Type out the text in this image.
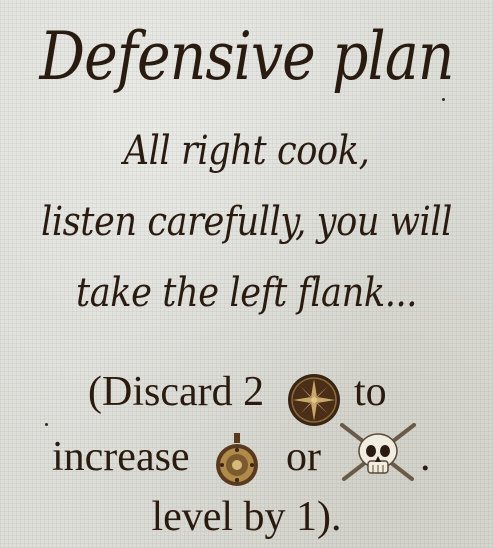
Defensive plan
All right cook,
listen carefully, you will
take the left flank...
(Discard 2 to
increase or .
level by 1).
